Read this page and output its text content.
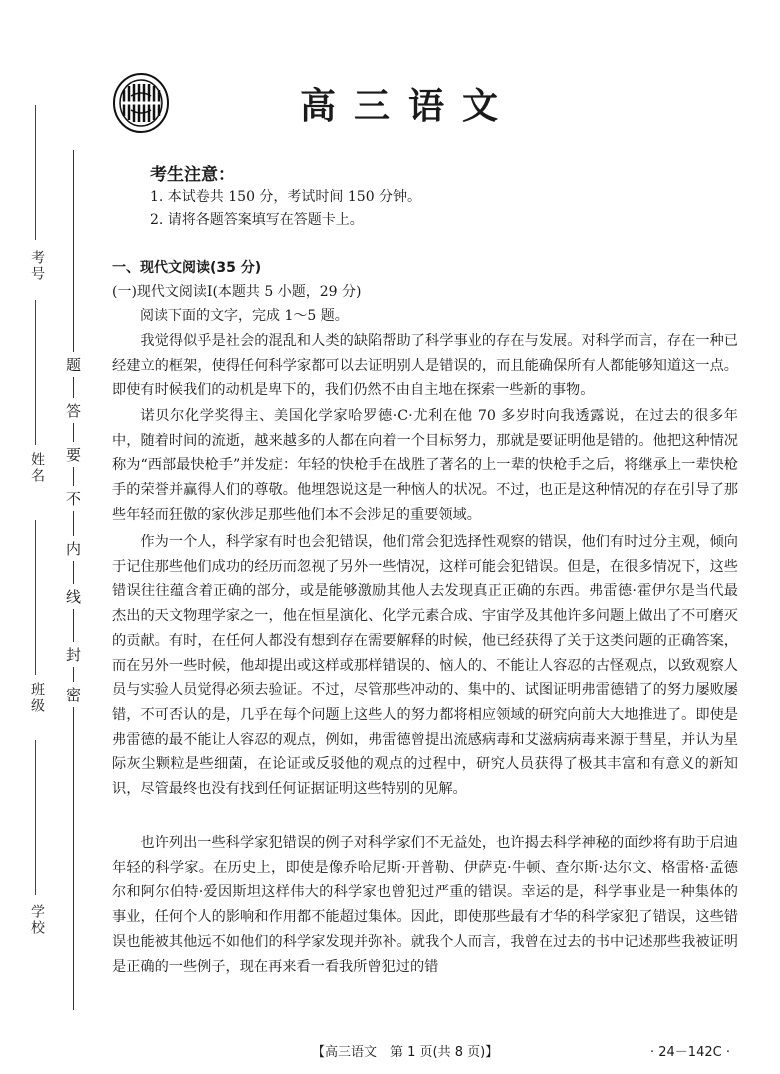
考号
姓名
班级
学校
密
封
线
内
不
要
答
题
高三语文
考生注意：
1. 本试卷共 150 分，考试时间 150 分钟。
2. 请将各题答案填写在答题卡上。
一、现代文阅读(35 分)
(一)现代文阅读Ⅰ(本题共 5 小题，29 分)
阅读下面的文字，完成 1～5 题。

我觉得似乎是社会的混乱和人类的缺陷帮助了科学事业的存在与发展。对科学而言，存在一种已经建立的框架，使得任何科学家都可以去证明别人是错误的，而且能确保所有人都能够知道这一点。即使有时候我们的动机是卑下的，我们仍然不由自主地在探索一些新的事物。

诺贝尔化学奖得主、美国化学家哈罗德·C·尤利在他 70 多岁时向我透露说，在过去的很多年中，随着时间的流逝，越来越多的人都在向着一个目标努力，那就是要证明他是错的。他把这种情况称为“西部最快枪手”并发症：年轻的快枪手在战胜了著名的上一辈的快枪手之后，将继承上一辈快枪手的荣誉并赢得人们的尊敬。他埋怨说这是一种恼人的状况。不过，也正是这种情况的存在引导了那些年轻而狂傲的家伙涉足那些他们本不会涉足的重要领域。

作为一个人，科学家有时也会犯错误，他们常会犯选择性观察的错误，他们有时过分主观，倾向于记住那些他们成功的经历而忽视了另外一些情况，这样可能会犯错误。但是，在很多情况下，这些错误往往蕴含着正确的部分，或是能够激励其他人去发现真正正确的东西。弗雷德·霍伊尔是当代最杰出的天文物理学家之一，他在恒星演化、化学元素合成、宇宙学及其他许多问题上做出了不可磨灭的贡献。有时，在任何人都没有想到存在需要解释的时候，他已经获得了关于这类问题的正确答案，而在另外一些时候，他却提出或这样或那样错误的、恼人的、不能让人容忍的古怪观点，以致观察人员与实验人员觉得必须去验证。不过，尽管那些冲动的、集中的、试图证明弗雷德错了的努力屡败屡错，不可否认的是，几乎在每个问题上这些人的努力都将相应领域的研究向前大大地推进了。即使是弗雷德的最不能让人容忍的观点，例如，弗雷德曾提出流感病毒和艾滋病病毒来源于彗星，并认为星际灰尘颗粒是些细菌，在论证或反驳他的观点的过程中，研究人员获得了极其丰富和有意义的新知识，尽管最终也没有找到任何证据证明这些特别的见解。

也许列出一些科学家犯错误的例子对科学家们不无益处，也许揭去科学神秘的面纱将有助于启迪年轻的科学家。在历史上，即使是像乔哈尼斯·开普勒、伊萨克·牛顿、查尔斯·达尔文、格雷格·孟德尔和阿尔伯特·爱因斯坦这样伟大的科学家也曾犯过严重的错误。幸运的是，科学事业是一种集体的事业，任何个人的影响和作用都不能超过集体。因此，即使那些最有才华的科学家犯了错误，这些错误也能被其他远不如他们的科学家发现并弥补。就我个人而言，我曾在过去的书中记述那些我被证明是正确的一些例子，现在再来看一看我所曾犯过的错

【高三语文　第 1 页(共 8 页)】	· 24－142C ·
